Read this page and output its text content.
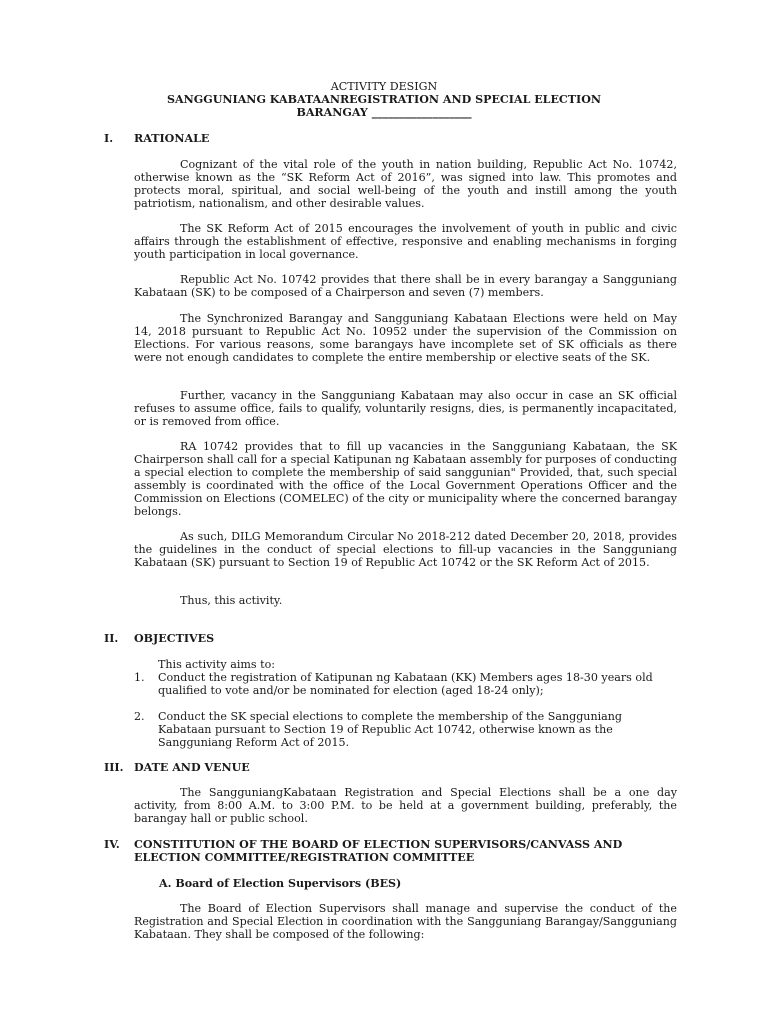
ACTIVITY DESIGN
SANGGUNIANG KABATAANREGISTRATION AND SPECIAL ELECTION
BARANGAY __________________
I. RATIONALE

Cognizant of the vital role of the youth in nation building, Republic Act No. 10742, otherwise known as the “SK Reform Act of 2016”, was signed into law. This promotes and protects moral, spiritual, and social well-being of the youth and instill among the youth patriotism, nationalism, and other desirable values.

The SK Reform Act of 2015 encourages the involvement of youth in public and civic affairs through the establishment of effective, responsive and enabling mechanisms in forging youth participation in local governance.

Republic Act No. 10742 provides that there shall be in every barangay a Sangguniang Kabataan (SK) to be composed of a Chairperson and seven (7) members.

The Synchronized Barangay and Sangguniang Kabataan Elections were held on May 14, 2018 pursuant to Republic Act No. 10952 under the supervision of the Commission on Elections. For various reasons, some barangays have incomplete set of SK officials as there were not enough candidates to complete the entire membership or elective seats of the SK.

Further, vacancy in the Sangguniang Kabataan may also occur in case an SK official refuses to assume office, fails to qualify, voluntarily resigns, dies, is permanently incapacitated, or is removed from office.

RA 10742 provides that to fill up vacancies in the Sangguniang Kabataan, the SK Chairperson shall call for a special Katipunan ng Kabataan assembly for purposes of conducting a special election to complete the membership of said sanggunian" Provided, that, such special assembly is coordinated with the office of the Local Government Operations Officer and the Commission on Elections (COMELEC) of the city or municipality where the concerned barangay belongs.

As such, DILG Memorandum Circular No 2018-212 dated December 20, 2018, provides the guidelines in the conduct of special elections to fill-up vacancies in the Sangguniang Kabataan (SK) pursuant to Section 19 of Republic Act 10742 or the SK Reform Act of 2015.

Thus, this activity.

II. OBJECTIVES
This activity aims to:
1. Conduct the registration of Katipunan ng Kabataan (KK) Members ages 18-30 years old qualified to vote and/or be nominated for election (aged 18-24 only);
2. Conduct the SK special elections to complete the membership of the Sangguniang Kabataan pursuant to Section 19 of Republic Act 10742, otherwise known as the Sangguniang Reform Act of 2015.
III. DATE AND VENUE

The SangguniangKabataan Registration and Special Elections shall be a one day activity, from 8:00 A.M. to 3:00 P.M. to be held at a government building, preferably, the barangay hall or public school.

IV. CONSTITUTION OF THE BOARD OF ELECTION SUPERVISORS/CANVASS AND
ELECTION COMMITTEE/REGISTRATION COMMITTEE
A. Board of Election Supervisors (BES)

The Board of Election Supervisors shall manage and supervise the conduct of the Registration and Special Election in coordination with the Sangguniang Barangay/Sangguniang Kabataan. They shall be composed of the following:
